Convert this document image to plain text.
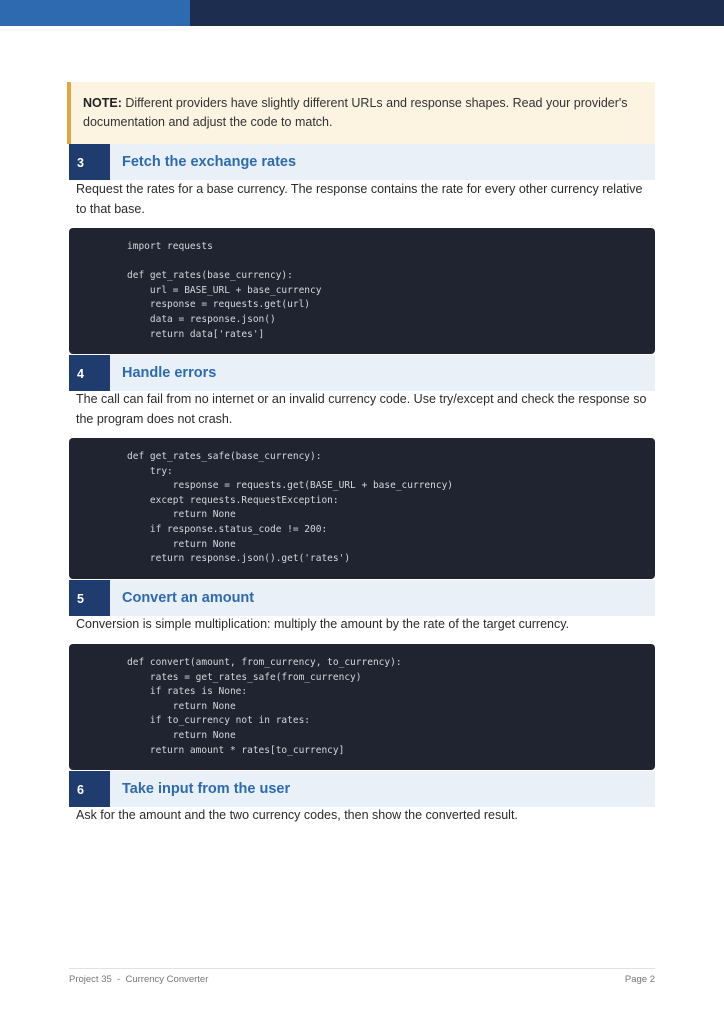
NOTE: Different providers have slightly different URLs and response shapes. Read your provider's documentation and adjust the code to match.
3	Fetch the exchange rates
Request the rates for a base currency. The response contains the rate for every other currency relative to that base.
import requests
def get_rates(base_currency):
url = BASE_URL + base_currency
response = requests.get(url)
data = response.json()
return data['rates']
4	Handle errors
The call can fail from no internet or an invalid currency code. Use try/except and check the response so the program does not crash.
def get_rates_safe(base_currency):
try:
response = requests.get(BASE_URL + base_currency)
except requests.RequestException:
return None
if response.status_code != 200:
return None
return response.json().get('rates')
5	Convert an amount
Conversion is simple multiplication: multiply the amount by the rate of the target currency.
def convert(amount, from_currency, to_currency):
rates = get_rates_safe(from_currency)
if rates is None:
return None
if to_currency not in rates:
return None
return amount * rates[to_currency]
6	Take input from the user
Ask for the amount and the two currency codes, then show the converted result.
Project 35  -  Currency Converter	Page 2
